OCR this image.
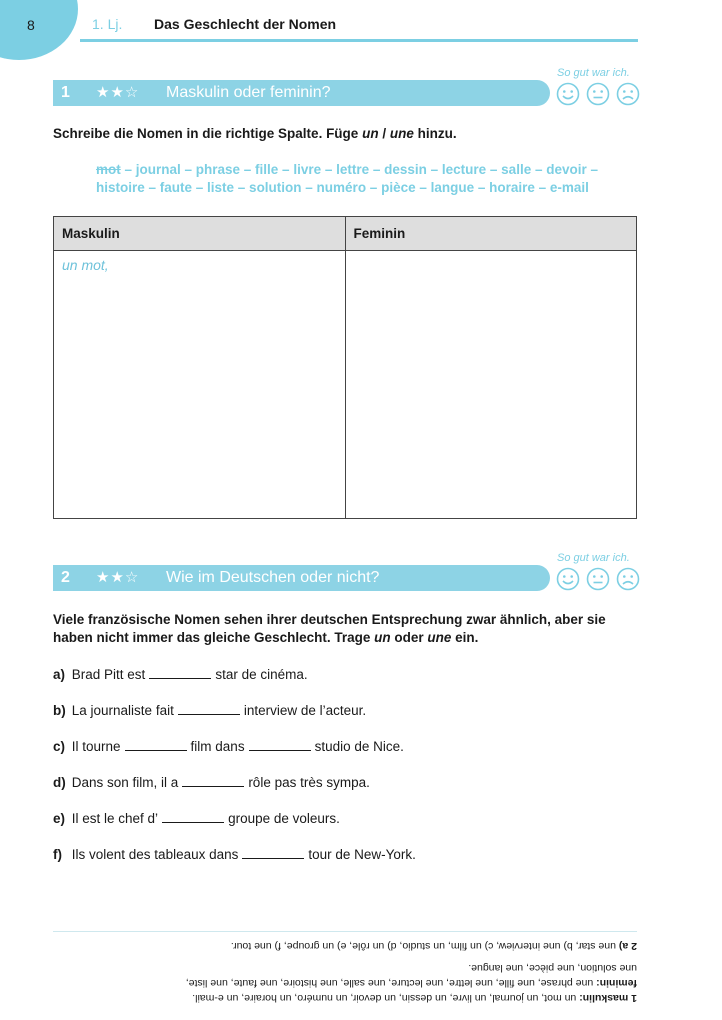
8	1. Lj. Das Geschlecht der Nomen
So gut war ich.
1 ★★☆ Maskulin oder feminin?
Schreibe die Nomen in die richtige Spalte. Füge un / une hinzu.
mot – journal – phrase – fille – livre – lettre – dessin – lecture – salle – devoir –
histoire – faute – liste – solution – numéro – pièce – langue – horaire – e-mail
Maskulin	Feminin
un mot,	
So gut war ich.
2 ★★☆ Wie im Deutschen oder nicht?
Viele französische Nomen sehen ihrer deutschen Entsprechung zwar ähnlich, aber sie
haben nicht immer das gleiche Geschlecht. Trage un oder une ein.
a) Brad Pitt est	star de cinéma.
b) La journaliste fait	interview de l’acteur.
c) Il tourne	film dans	studio de Nice.
d) Dans son film, il a	rôle pas très sympa.
e) Il est le chef d’	groupe de voleurs.
f) Ils volent des tableaux dans	tour de New-York.

1 maskulin: un mot, un journal, un livre, un dessin, un devoir, un numéro, un horaire, un e-mail.

feminin: une phrase, une fille, une lettre, une lecture, une salle, une histoire, une faute, une liste,

une solution, une pièce, une langue.

2 a) une star, b) une interview, c) un film, un studio, d) un rôle, e) un groupe, f) une tour.
